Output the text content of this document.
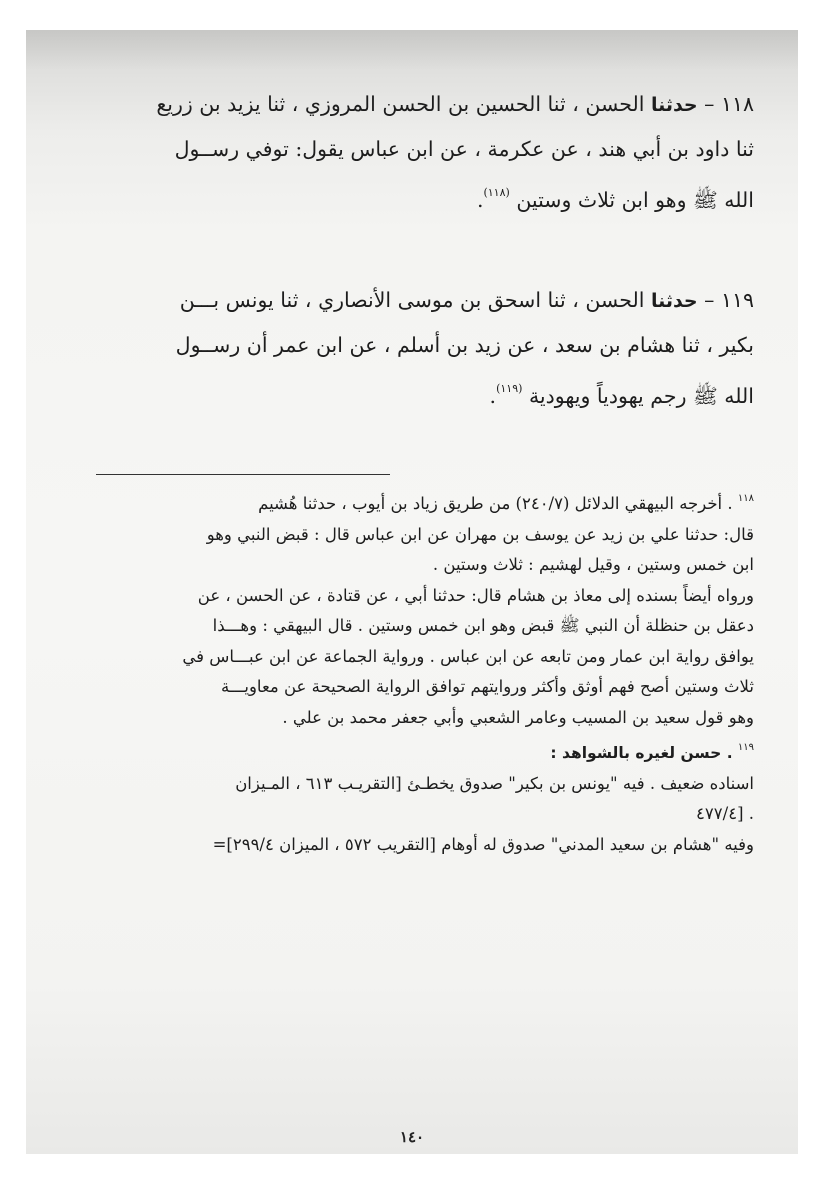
١١٨ – حدثنا الحسن ، ثنا الحسين بن الحسن المروزي ، ثنا يزيد بن زريع

ثنا داود بن أبي هند ، عن عكرمة ، عن ابن عباس يقول: توفي رســول

الله ﷺ وهو ابن ثلاث وستين $^{(١١٨)}$.

١١٩ – حدثنا الحسن ، ثنا اسحق بن موسى الأنصاري ، ثنا يونس بـــن

بكير ، ثنا هشام بن سعد ، عن زيد بن أسلم ، عن ابن عمر أن رســول

الله ﷺ رجم يهودياً ويهودية $^{(١١٩)}$.

$^{١١٨}$ . أخرجه البيهقي الدلائل (٢٤٠/٧) من طريق زياد بن أيوب ، حدثنا هُشيم

قال: حدثنا علي بن زيد عن يوسف بن مهران عن ابن عباس قال : قبض النبي وهو

ابن خمس وستين ، وقيل لهشيم : ثلاث وستين .

ورواه أيضاً بسنده إلى معاذ بن هشام قال: حدثنا أبي ، عن قتادة ، عن الحسن ، عن

دعقل بن حنظلة أن النبي ﷺ قبض وهو ابن خمس وستين . قال البيهقي : وهـــذا

يوافق رواية ابن عمار ومن تابعه عن ابن عباس . ورواية الجماعة عن ابن عبـــاس في

ثلاث وستين أصح فهم أوثق وأكثر وروايتهم توافق الرواية الصحيحة عن معاويـــة

وهو قول سعيد بن المسيب وعامر الشعبي وأبي جعفر محمد بن علي .

$^{١١٩}$ . حسن لغيره بالشواهد :

اسناده ضعيف . فيه "يونس بن بكير" صدوق يخطـئ [التقريـب ٦١٣ ، المـيزان

. [٤٧٧/٤

وفيه "هشام بن سعيد المدني" صدوق له أوهام [التقريب ٥٧٢ ، الميزان ٢٩٩/٤]=

١٤٠
